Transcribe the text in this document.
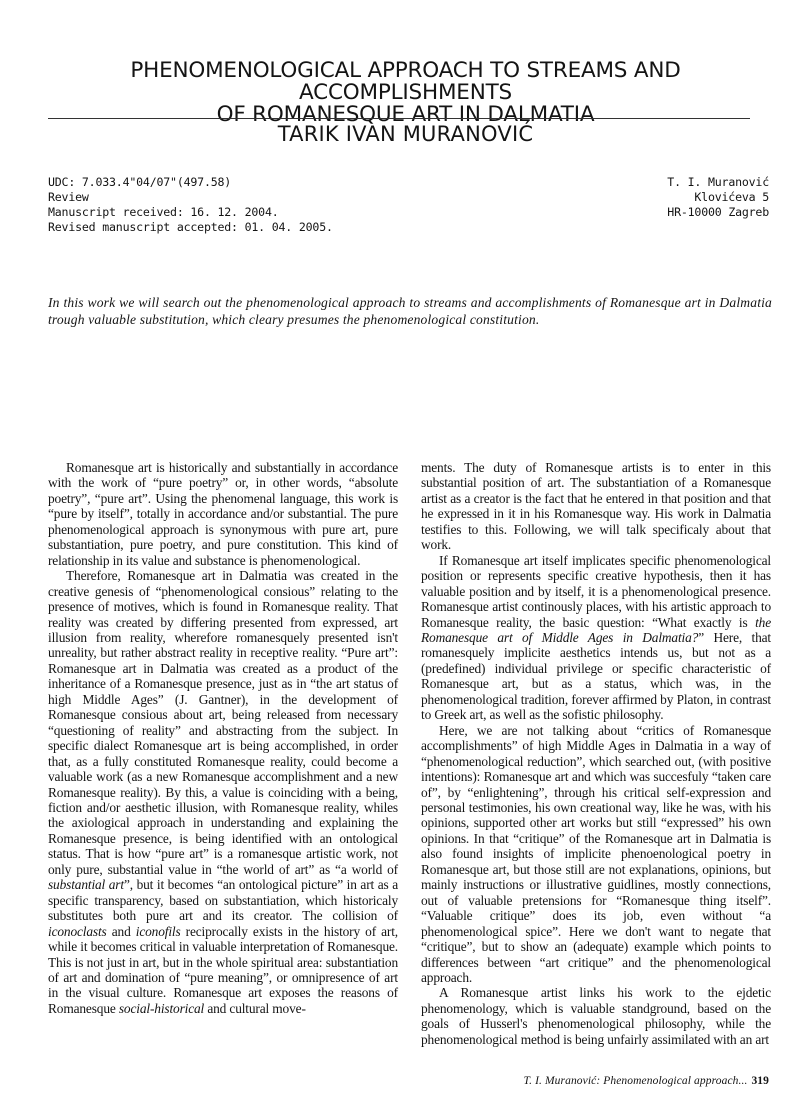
PHENOMENOLOGICAL APPROACH TO STREAMS AND ACCOMPLISHMENTS
OF ROMANESQUE ART IN DALMATIA
TARIK IVAN MURANOVIĆ
UDC: 7.033.4"04/07"(497.58)
Review
Manuscript received: 16. 12. 2004.
Revised manuscript accepted: 01. 04. 2005.
T. I. Muranović
Klovićeva 5
HR-10000 Zagreb
In this work we will search out the phenomenological approach to streams and accomplishments of Romanesque art in Dalmatia trough valuable substitution, which cleary presumes the phenomenological constitution.

Romanesque art is historically and substantially in accordance with the work of “pure poetry” or, in other words, “absolute poetry”, “pure art”. Using the phenomenal language, this work is “pure by itself”, totally in accordance and/or substantial. The pure phenomenological approach is synonymous with pure art, pure substantiation, pure poetry, and pure constitution. This kind of relationship in its value and substance is phenomenological.

Therefore, Romanesque art in Dalmatia was created in the creative genesis of “phenomenological consious” relating to the presence of motives, which is found in Romanesque reality. That reality was created by differing presented from expressed, art illusion from reality, wherefore romanesquely presented isn't unreality, but rather abstract reality in receptive reality. “Pure art”: Romanesque art in Dalmatia was created as a product of the inheritance of a Romanesque presence, just as in “the art status of high Middle Ages” (J. Gantner), in the development of Romanesque consious about art, being released from necessary “questioning of reality” and abstracting from the subject. In specific dialect Romanesque art is being accomplished, in order that, as a fully constituted Romanesque reality, could become a valuable work (as a new Romanesque accomplishment and a new Romanesque reality). By this, a value is coinciding with a being, fiction and/or aesthetic illusion, with Romanesque reality, whiles the axiological approach in understanding and explaining the Romanesque presence, is being identified with an ontological status. That is how “pure art” is a romanesque artistic work, not only pure, substantial value in “the world of art” as “a world of substantial art”, but it becomes “an ontological picture” in art as a specific transparency, based on substantiation, which historicaly substitutes both pure art and its creator. The collision of iconoclasts and iconofils reciprocally exists in the history of art, while it becomes critical in valuable interpretation of Romanesque. This is not just in art, but in the whole spiritual area: substantiation of art and domination of “pure meaning”, or omnipresence of art in the visual culture. Romanesque art exposes the reasons of Romanesque social-historical and cultural move-

ments. The duty of Romanesque artists is to enter in this substantial position of art. The substantiation of a Romanesque artist as a creator is the fact that he entered in that position and that he expressed in it in his Romanesque way. His work in Dalmatia testifies to this. Following, we will talk specificaly about that work.

If Romanesque art itself implicates specific phenomenological position or represents specific creative hypothesis, then it has valuable position and by itself, it is a phenomenological presence. Romanesque artist continously places, with his artistic approach to Romanesque reality, the basic question: “What exactly is the Romanesque art of Middle Ages in Dalmatia?” Here, that romanesquely implicite aesthetics intends us, but not as a (predefined) individual privilege or specific characteristic of Romanesque art, but as a status, which was, in the phenomenological tradition, forever affirmed by Platon, in contrast to Greek art, as well as the sofistic philosophy.

Here, we are not talking about “critics of Romanesque accomplishments” of high Middle Ages in Dalmatia in a way of “phenomenological reduction”, which searched out, (with positive intentions): Romanesque art and which was succesfuly “taken care of”, by “enlightening”, through his critical self-expression and personal testimonies, his own creational way, like he was, with his opinions, supported other art works but still “expressed” his own opinions. In that “critique” of the Romanesque art in Dalmatia is also found insights of implicite phenoenological poetry in Romanesque art, but those still are not explanations, opinions, but mainly instructions or illustrative guidlines, mostly connections, out of valuable pretensions for “Romanesque thing itself”. “Valuable critique” does its job, even without “a phenomenological spice”. Here we don't want to negate that “critique”, but to show an (adequate) example which points to differences between “art critique” and the phenomenological approach.

A Romanesque artist links his work to the ejdetic phenomenology, which is valuable standground, based on the goals of Husserl's phenomenological philosophy, while the phenomenological method is being unfairly assimilated with an art

T. I. Muranović: Phenomenological approach... 319
